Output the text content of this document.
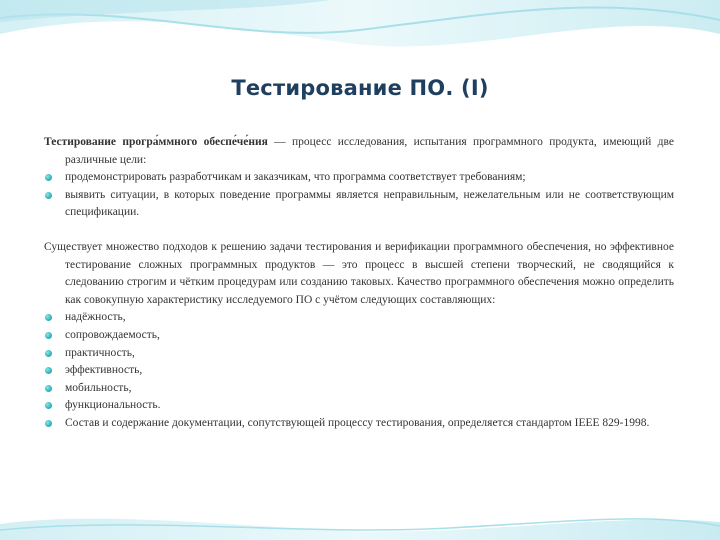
Тестирование ПО. (I)
Тестирование програ́ммного обеспе́че́ния — процесс исследования, испытания программного продукта, имеющий две различные цели:
продемонстрировать разработчикам и заказчикам, что программа соответствует требованиям;
выявить ситуации, в которых поведение программы является неправильным, нежелательным или не соответствующим спецификации.
Существует множество подходов к решению задачи тестирования и верификации программного обеспечения, но эффективное тестирование сложных программных продуктов — это процесс в высшей степени творческий, не сводящийся к следованию строгим и чётким процедурам или созданию таковых. Качество программного обеспечения можно определить как совокупную характеристику исследуемого ПО с учётом следующих составляющих:
надёжность,
сопровождаемость,
практичность,
эффективность,
мобильность,
функциональность.
Состав и содержание документации, сопутствующей процессу тестирования, определяется стандартом IEEE 829-1998.
